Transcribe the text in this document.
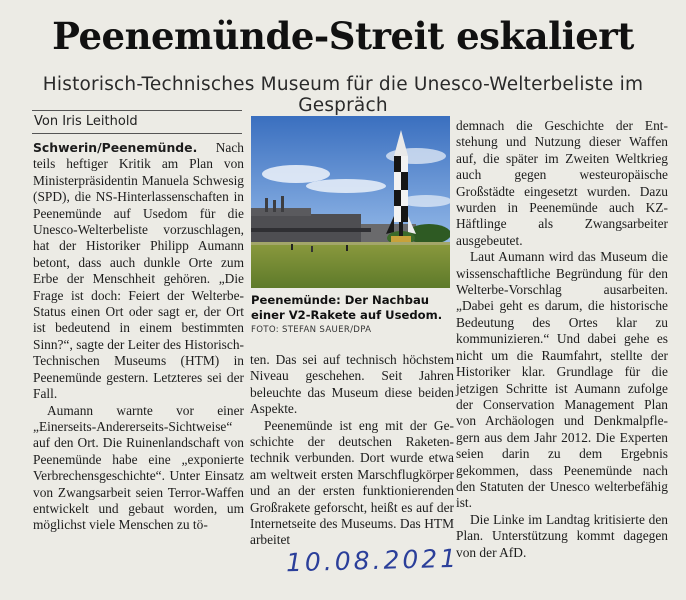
Peenemünde-Streit eskaliert
Historisch-Technisches Museum für die Unesco-Welterbeliste im Gespräch
Von Iris Leithold

Schwerin/Peenemünde. Nach teils heftiger Kritik am Plan von Ministerpräsidentin Manuela Schwesig (SPD), die NS-Hinterlassenschaften in Peenemünde auf Usedom für die Unesco-Welterbeliste vorzuschlagen, hat der Historiker Philipp Aumann betont, dass auch dunkle Orte zum Erbe der Menschheit gehören. „Die Frage ist doch: Feiert der Welterbe-Status einen Ort oder sagt er, der Ort ist bedeutend in einem bestimmten Sinn?“, sagte der Leiter des Historisch-Technischen Museums (HTM) in Peenemünde gestern. Letzteres sei der Fall.

Aumann warnte vor einer „Einerseits-Andererseits-Sichtweise“ auf den Ort. Die Ruinenlandschaft von Peenemünde habe eine „exponierte Verbrechensgeschichte“. Unter Einsatz von Zwangsarbeit seien Terror-Waffen entwickelt und gebaut worden, um möglichst viele Menschen zu tö-

Peenemünde: Der Nachbau einer V2-Rakete auf Usedom.
FOTO: STEFAN SAUER/DPA

ten. Das sei auf technisch höchstem Niveau geschehen. Seit Jahren beleuchte das Museum diese beiden Aspekte.

Peenemünde ist eng mit der Geschichte der deutschen Raketentechnik verbunden. Dort wurde etwa am weltweit ersten Marschflugkörper und an der ersten funktionierenden Großrakete geforscht, heißt es auf der Internetseite des Museums. Das HTM arbeitet

demnach die Geschichte der Entstehung und Nutzung dieser Waffen auf, die später im Zweiten Weltkrieg auch gegen westeuropäische Großstädte eingesetzt wurden. Dazu wurden in Peenemünde auch KZ-Häftlinge als Zwangsarbeiter ausgebeutet.

Laut Aumann wird das Museum die wissenschaftliche Begründung für den Welterbe-Vorschlag ausarbeiten. „Dabei geht es darum, die historische Bedeutung des Ortes klar zu kommunizieren.“ Und dabei gehe es nicht um die Raumfahrt, stellte der Historiker klar. Grundlage für die jetzigen Schritte ist Aumann zufolge der Conservation Management Plan von Archäologen und Denkmalpflegern aus dem Jahr 2012. Die Experten seien darin zu dem Ergebnis gekommen, dass Peenemünde nach den Statuten der Unesco welterbefähig ist.

Die Linke im Landtag kritisierte den Plan. Unterstützung kommt dagegen von der AfD.

10.08.2021
